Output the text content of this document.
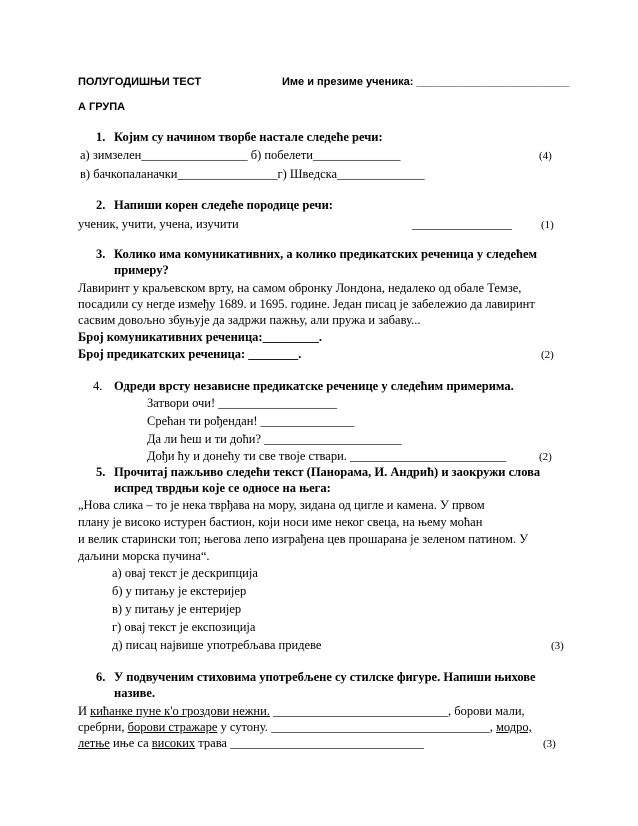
ПОЛУГОДИШЊИ ТЕСТ	Име и презиме ученика: _________________________
А ГРУПА
1. Којим су начином творбе настале следеће речи:
а) зимзелен_________________ б) побелети______________	(4)
в) бачкопаланачки________________г) Шведска______________
2. Напиши корен следеће породице речи:
ученик, учити, учена, изучити	________________	(1)
3. Колико има комуникативних, а колико предикатских реченица у следећем
примеру?
Лавиринт у краљевском врту, на самом обронку Лондона, недалеко од обале Темзе,
посадили су негде између 1689. и 1695. године. Један писац је забележио да лавиринт
сасвим довољно збуњује да задржи пажњу, али пружа и забаву...
Број комуникативних реченица:_________.
Број предикатских реченица: ________.	(2)
4. Одреди врсту независне предикатске реченице у следећим примерима.
Затвори очи! ___________________
Срећан ти рођендан! _______________
Да ли ћеш и ти доћи? ______________________
Дођи ћу и донећу ти све твоје ствари. _________________________	(2)
5. Прочитај пажљиво следећи текст (Панорама, И. Андрић) и заокружи слова
испред тврдњи које се односе на њега:
„Нова слика – то је нека тврђава на мору, зидана од цигле и камена. У првом
плану је високо истурен бастион, који носи име неког свеца, на њему моћан
и велик старински топ; његова лепо изграђена цев прошарана је зеленом патином. У
даљини морска пучина“.
а) овај текст је дескрипција
б) у питању је екстеријер
в) у питању је ентеријер
г) овај текст је експозиција
д) писац највише употребљава придеве	(3)
6. У подвученим стиховима употребљене су стилске фигуре. Напиши њихове
називе.
И кићанке пуне к'о гроздови нежни. ____________________________, борови мали,
сребрни, борови стражаре у сутону. ___________________________________, модро,
летње иње са високих трава _______________________________	(3)
